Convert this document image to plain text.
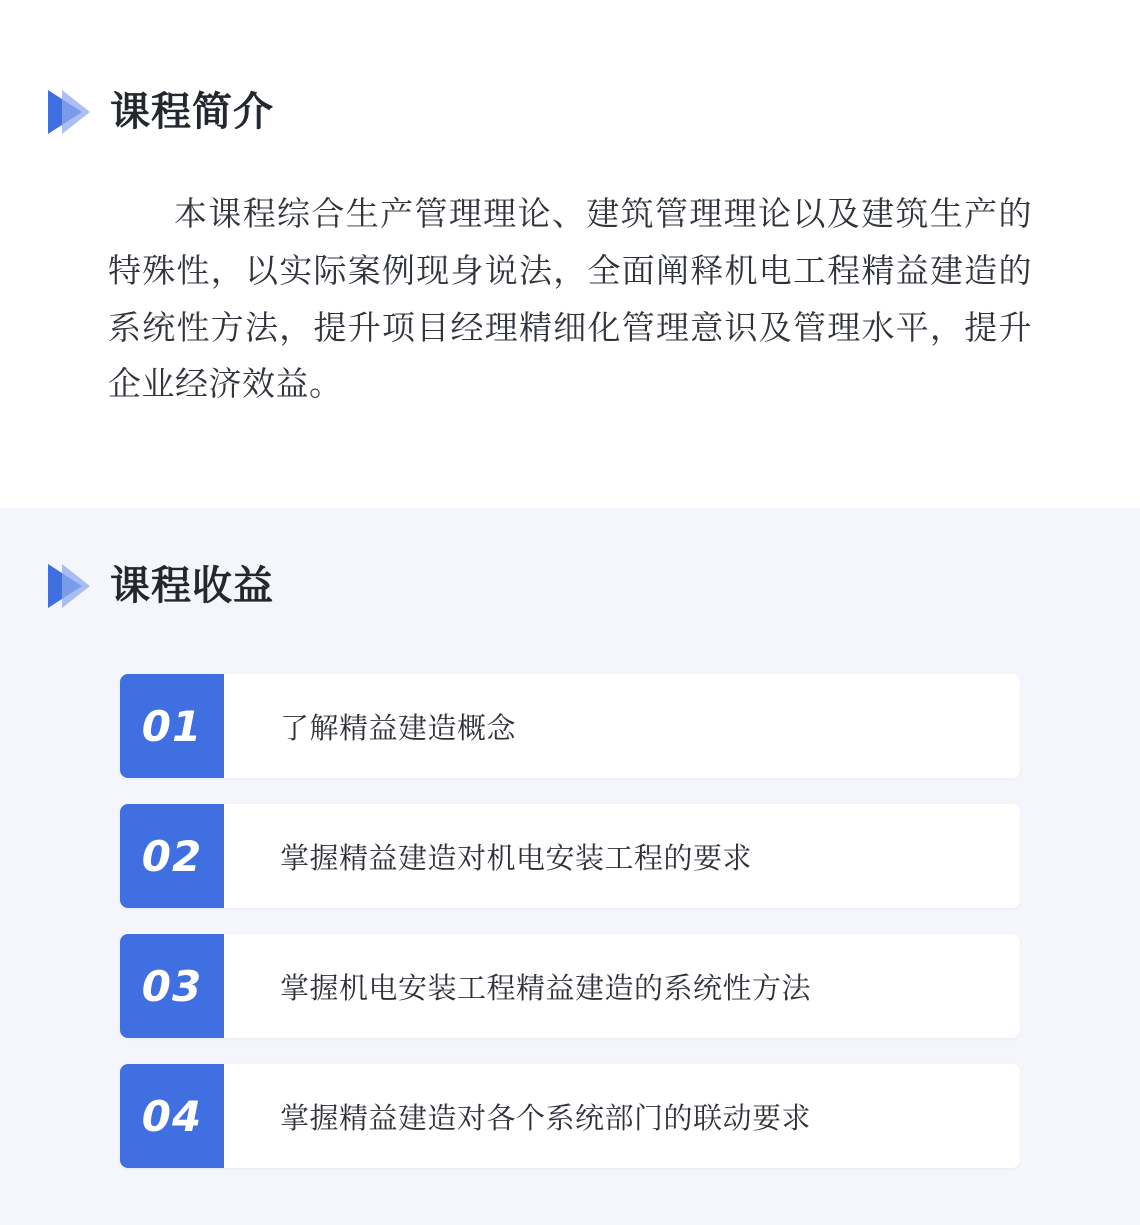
课程简介

本课程综合生产管理理论、建筑管理理论以及建筑生产的特殊性，以实际案例现身说法，全面阐释机电工程精益建造的系统性方法，提升项目经理精细化管理意识及管理水平，提升企业经济效益。

课程收益
01	了解精益建造概念
02	掌握精益建造对机电安装工程的要求
03	掌握机电安装工程精益建造的系统性方法
04	掌握精益建造对各个系统部门的联动要求
